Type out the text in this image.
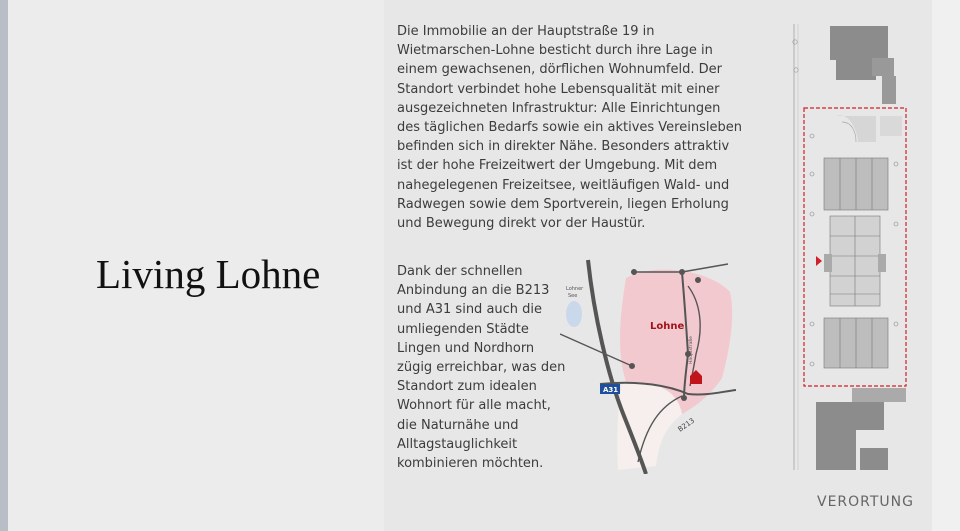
Living Lohne
Die Immobilie an der Hauptstraße 19 in Wietmarschen-Lohne besticht durch ihre Lage in einem gewachsenen, dörflichen Wohnumfeld. Der Standort verbindet hohe Lebensqualität mit einer ausgezeichneten Infrastruktur: Alle Einrichtungen des täglichen Bedarfs sowie ein aktives Vereinsleben befinden sich in direkter Nähe. Besonders attraktiv ist der hohe Freizeitwert der Umgebung. Mit dem nahegelegenen Freizeitsee, weitläufigen Wald- und Radwegen sowie dem Sportverein, liegen Erholung und Bewegung direkt vor der Haustür.
Dank der schnellen Anbindung an die B213 und A31 sind auch die umliegenden Städte Lingen und Nordhorn zügig erreichbar, was den Standort zum idealen Wohnort für alle macht, die Naturnähe und Alltagstauglichkeit kombinieren möchten.
Lohner
See
Lohne
Hauptstraße
A31
B213
VERORTUNG
